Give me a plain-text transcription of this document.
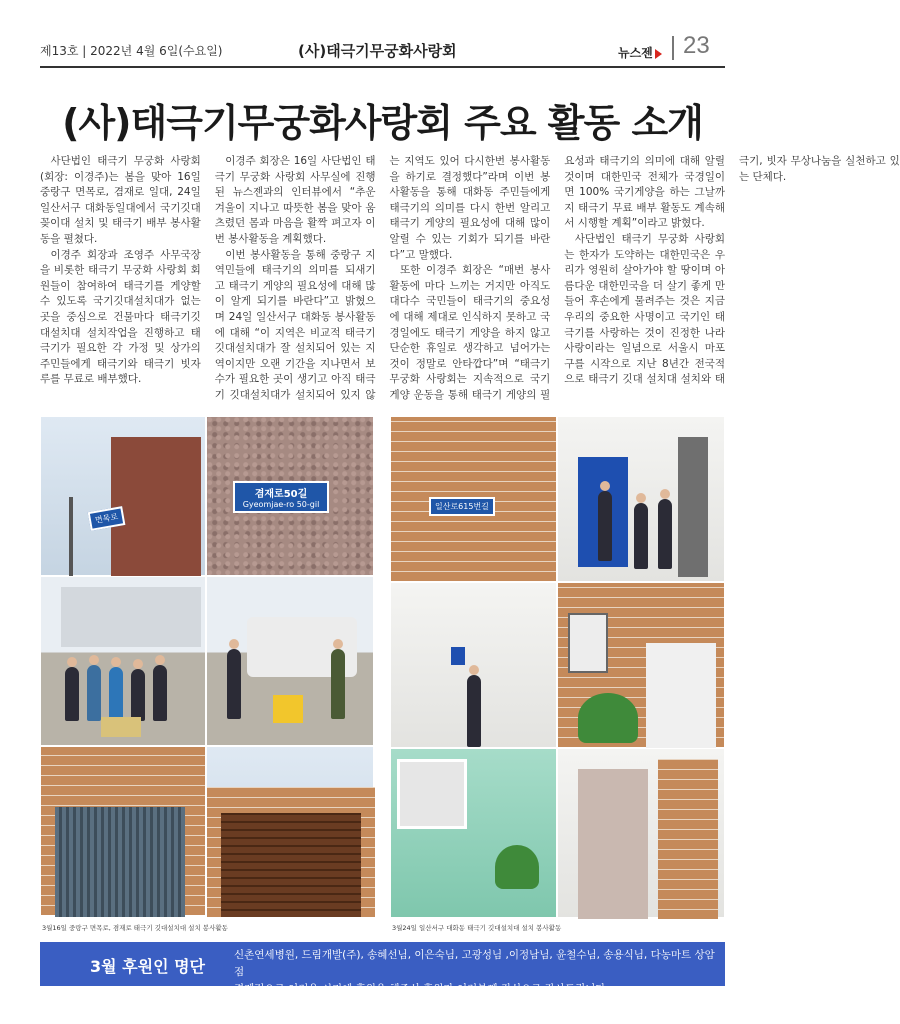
제13호 | 2022년 4월 6일(수요일)	(사)태극기무궁화사랑회	뉴스젠	23
(사)태극기무궁화사랑회 주요 활동 소개

사단법인 태극기 무궁화 사랑회(회장: 이경주)는 봄을 맞아 16일 중랑구 면목로, 겸재로 일대, 24일 일산서구 대화동일대에서 국기깃대꽂이대 설치 및 태극기 배부 봉사활동을 펼쳤다.

이경주 회장과 조영주 사무국장을 비롯한 태극기 무궁화 사랑회 회원들이 참여하여 태극기를 게양할 수 있도록 국기깃대설치대가 없는 곳을 중심으로 건물마다 태극기깃대설치대 설치작업을 진행하고 태극기가 필요한 각 가정 및 상가의 주민들에게 태극기와 태극기 빗자루를 무료로 배부했다.

이경주 회장은 16일 사단법인 태극기 무궁화 사랑회 사무실에 진행된 뉴스젠과의 인터뷰에서 “추운 겨울이 지나고 따뜻한 봄을 맞아 움츠렸던 몸과 마음을 활짝 펴고자 이번 봉사활동을 계획했다.

이번 봉사활동을 통해 중랑구 지역민들에 태극기의 의미를 되새기고 태극기 게양의 필요성에 대해 많이 알게 되기를 바란다”고 밝혔으며 24일 일산서구 대화동 봉사활동에 대해 “이 지역은 비교적 태극기깃대설치대가 잘 설치되어 있는 지역이지만 오랜 기간을 지나면서 보수가 필요한 곳이 생기고 아직 태극기 깃대설치대가 설치되어 있지 않는 지역도 있어 다시한번 봉사활동을 하기로 결정했다”라며 이번 봉사활동을 통해 대화동 주민들에게 태극기의 의미를 다시 한번 알리고 태극기 게양의 필요성에 대해 많이 알릴 수 있는 기회가 되기를 바란다”고 말했다.

또한 이경주 회장은 “매번 봉사활동에 마다 느끼는 거지만 아직도 대다수 국민들이 태극기의 중요성에 대해 제대로 인식하지 못하고 국경일에도 태극기 게양을 하지 않고 단순한 휴일로 생각하고 넘어가는 것이 정말로 안타깝다”며 “태극기 무궁화 사랑회는 지속적으로 국기게양 운동을 통해 태극기 게양의 필요성과 태극기의 의미에 대해 알릴 것이며 대한민국 전체가 국경일이면 100% 국기게양을 하는 그날까지 태극기 무료 배부 활동도 계속해서 시행할 계획”이라고 밝혔다.

사단법인 태극기 무궁화 사랑회는 한자가 도약하는 대한민국은 우리가 영원히 살아가야 할 땅이며 아름다운 대한민국을 더 살기 좋게 만들어 후손에게 물려주는 것은 지금 우리의 중요한 사명이고 국기인 태극기를 사랑하는 것이 진정한 나라사랑이라는 일념으로 서울시 마포구를 시작으로 지난 8년간 전국적으로 태극기 깃대 설치대 설치와 태극기, 빗자 무상나눔을 실천하고 있는 단체다.

면목로
겸재로50길
Gyeomjae-ro 50-gil
3월16일 중랑구 면목로, 겸재로 태극기 깃대설치대 설치 봉사활동
일산로615번길
3월24일 일산서구 대화동 태극기 깃대설치대 설치 봉사활동
3월 후원인 명단
신촌연세병원, 드림개발(주), 송혜선님, 이은숙님, 고광성님 ,이정남님, 윤철수님, 송용식님, 다농마트 상암점
경제적으로 어려운 시기에 후원을 해주신 후원자 여러분께 진심으로 감사드립니다.
